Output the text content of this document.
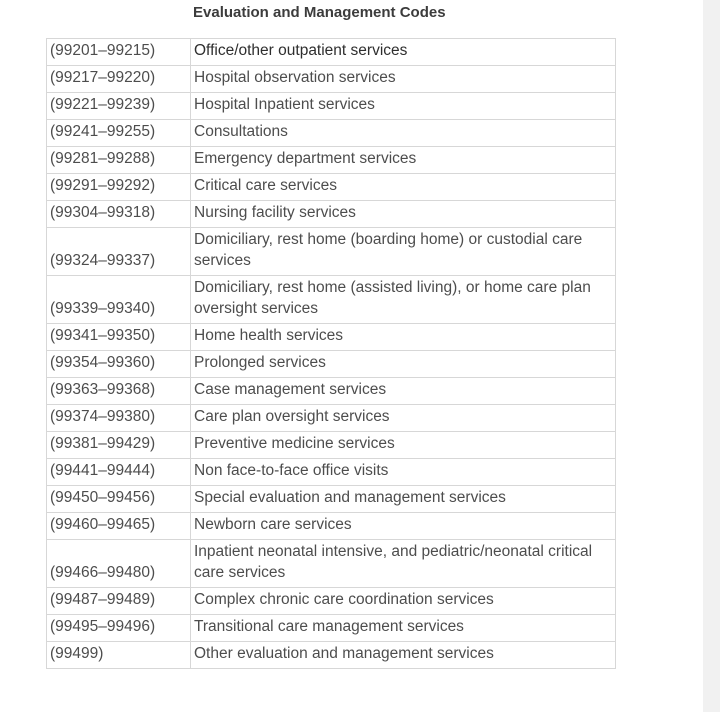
Evaluation and Management Codes
(99201–99215)	Office/other outpatient services
(99217–99220)	Hospital observation services
(99221–99239)	Hospital Inpatient services
(99241–99255)	Consultations
(99281–99288)	Emergency department services
(99291–99292)	Critical care services
(99304–99318)	Nursing facility services
(99324–99337)	Domiciliary, rest home (boarding home) or custodial care services
(99339–99340)	Domiciliary, rest home (assisted living), or home care plan oversight services
(99341–99350)	Home health services
(99354–99360)	Prolonged services
(99363–99368)	Case management services
(99374–99380)	Care plan oversight services
(99381–99429)	Preventive medicine services
(99441–99444)	Non face-to-face office visits
(99450–99456)	Special evaluation and management services
(99460–99465)	Newborn care services
(99466–99480)	Inpatient neonatal intensive, and pediatric/neonatal critical care services
(99487–99489)	Complex chronic care coordination services
(99495–99496)	Transitional care management services
(99499)	Other evaluation and management services
